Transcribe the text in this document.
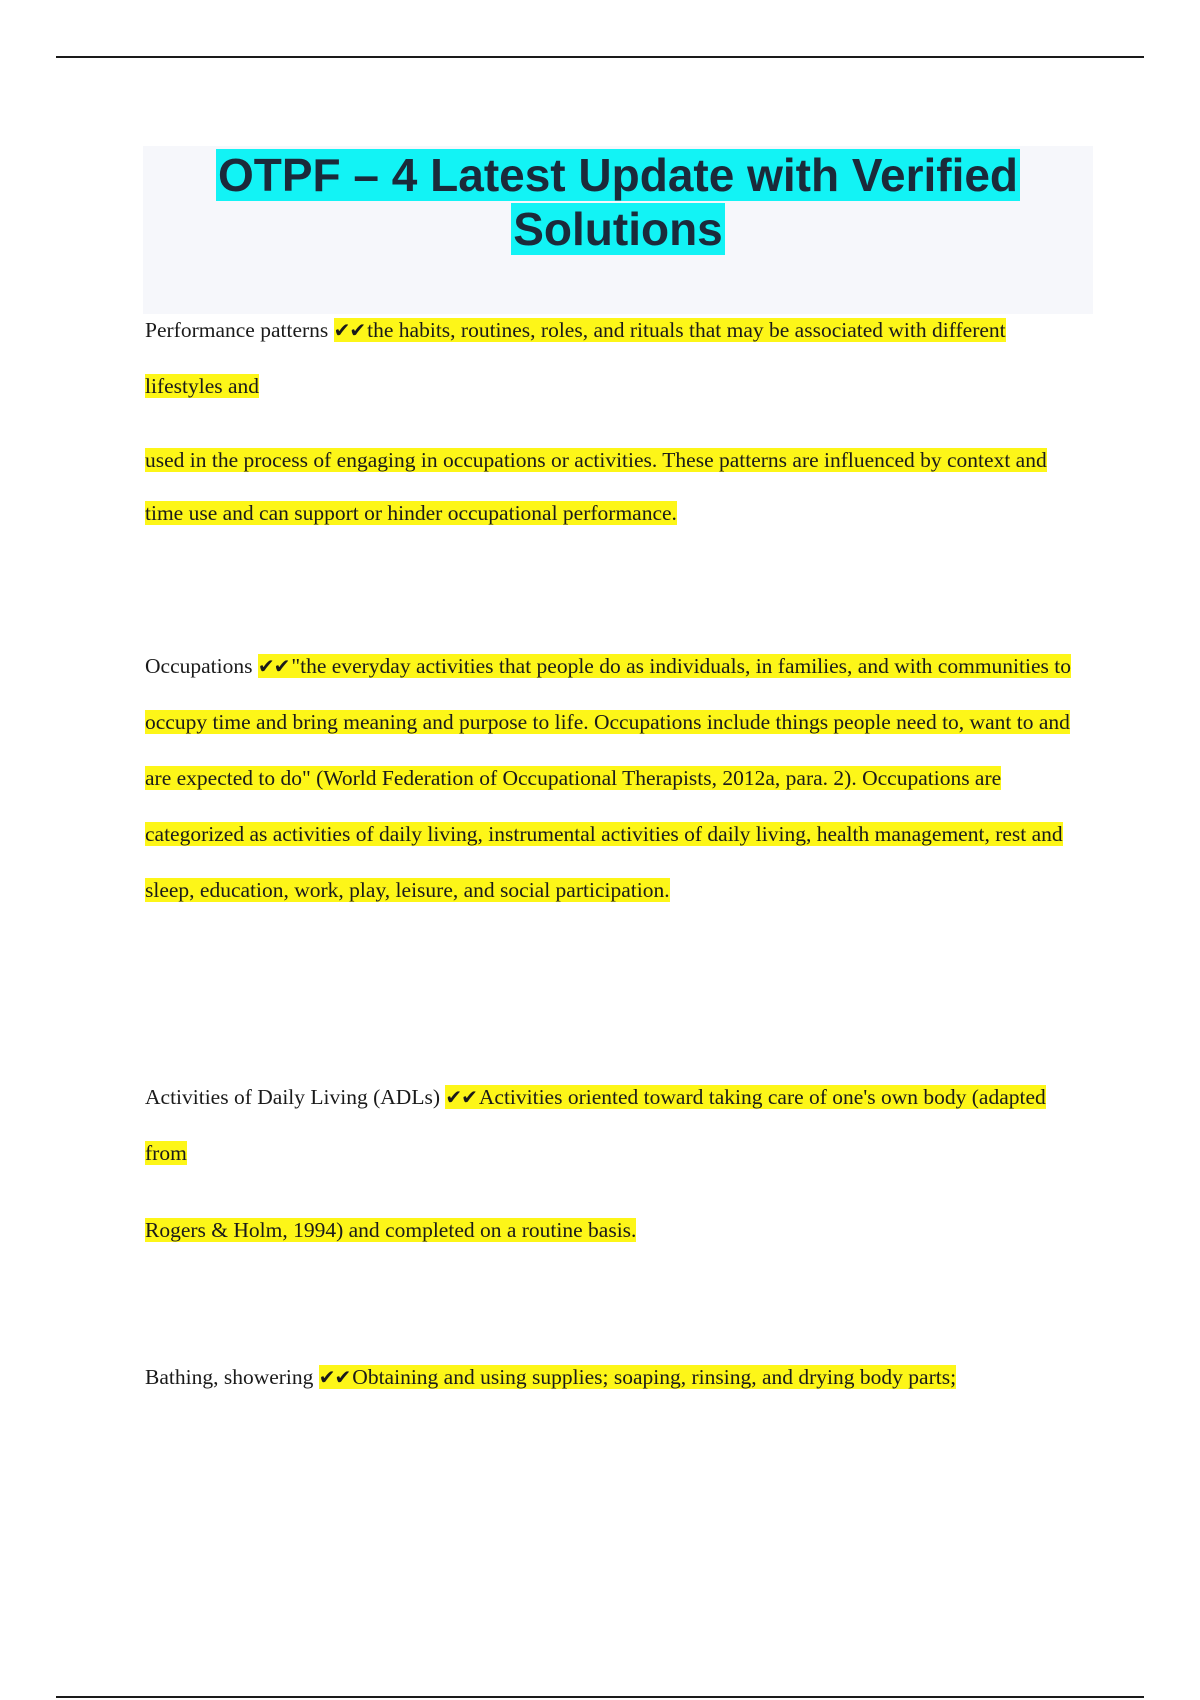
OTPF – 4 Latest Update with Verified
Solutions

Performance patterns ✔✔the habits, routines, roles, and rituals that may be associated with different lifestyles and

used in the process of engaging in occupations or activities. These patterns are influenced by context and time use and can support or hinder occupational performance.

Occupations ✔✔"the everyday activities that people do as individuals, in families, and with communities to occupy time and bring meaning and purpose to life. Occupations include things people need to, want to and are expected to do" (World Federation of Occupational Therapists, 2012a, para. 2). Occupations are categorized as activities of daily living, instrumental activities of daily living, health management, rest and sleep, education, work, play, leisure, and social participation.

Activities of Daily Living (ADLs) ✔✔Activities oriented toward taking care of one's own body (adapted from

Rogers & Holm, 1994) and completed on a routine basis.

Bathing, showering ✔✔Obtaining and using supplies; soaping, rinsing, and drying body parts;
